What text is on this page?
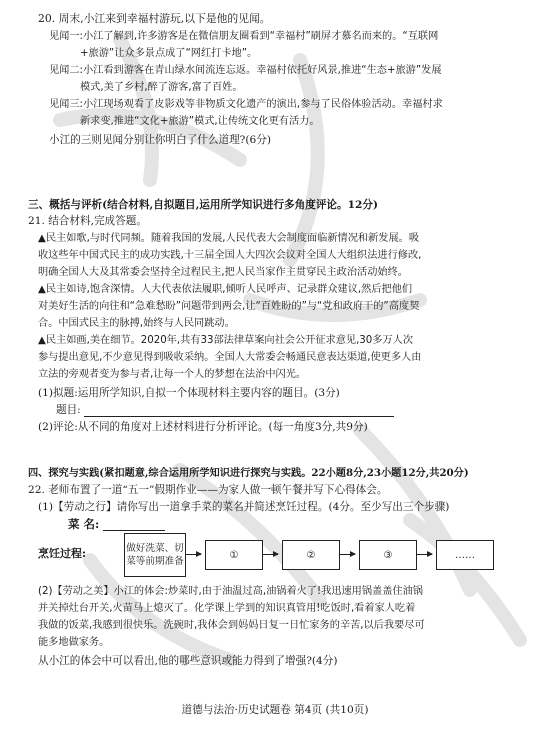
20. 周末,小江来到幸福村游玩,以下是他的见闻。
见闻一:小江了解到,许多游客是在微信朋友圈看到“幸福村”刷屏才慕名而来的。“互联网
+旅游”让众多景点成了“网红打卡地”。
见闻二:小江看到游客在青山绿水间流连忘返。幸福村依托好风景,推进“生态+旅游”发展
模式,美了乡村,醉了游客,富了百姓。
见闻三:小江现场观看了皮影戏等非物质文化遗产的演出,参与了民俗体验活动。幸福村求
新求变,推进“文化+旅游”模式,让传统文化更有活力。
小江的三则见闻分别让你明白了什么道理?(6分)
三、概括与评析(结合材料,自拟题目,运用所学知识进行多角度评论。12分)
21. 结合材料,完成答题。
▲民主如歌,与时代同频。随着我国的发展,人民代表大会制度面临新情况和新发展。吸
收这些年中国式民主的成功实践,十三届全国人大四次会议对全国人大组织法进行修改,
明确全国人大及其常委会坚持全过程民主,把人民当家作主贯穿民主政治活动始终。
▲民主如诗,饱含深情。人大代表依法履职,倾听人民呼声、记录群众建议,然后把他们
对美好生活的向往和“急难愁盼”问题带到两会,让“百姓盼的”与“党和政府干的”高度契
合。中国式民主的脉搏,始终与人民同跳动。
▲民主如画,美在细节。2020年,共有33部法律草案向社会公开征求意见,30多万人次
参与提出意见,不少意见得到吸收采纳。全国人大常委会畅通民意表达渠道,使更多人由
立法的旁观者变为参与者,让每一个人的梦想在法治中闪光。
(1)拟题:运用所学知识,自拟一个体现材料主要内容的题目。(3分)
题目:
(2)评论:从不同的角度对上述材料进行分析评论。(每一角度3分,共9分)
四、探究与实践(紧扣题意,综合运用所学知识进行探究与实践。22小题8分,23小题12分,共20分)
22. 老师布置了一道“五一”假期作业——为家人做一顿午餐并写下心得体会。
(1)【劳动之行】请你写出一道拿手菜的菜名并简述烹饪过程。(4分。至少写出三个步骤)
菜 名:
烹饪过程:	做好洗菜、切菜等前期准备
①	②	③	……
(2)【劳动之美】小江的体会:炒菜时,由于油温过高,油锅着火了!我迅速用锅盖盖住油锅
并关掉灶台开关,火苗马上熄灭了。化学课上学到的知识真管用!吃饭时,看着家人吃着
我做的饭菜,我感到很快乐。洗碗时,我体会到妈妈日复一日忙家务的辛苦,以后我要尽可
能多地做家务。
从小江的体会中可以看出,他的哪些意识或能力得到了增强?(4分)
道德与法治·历史试题卷 第4页 (共10页)
